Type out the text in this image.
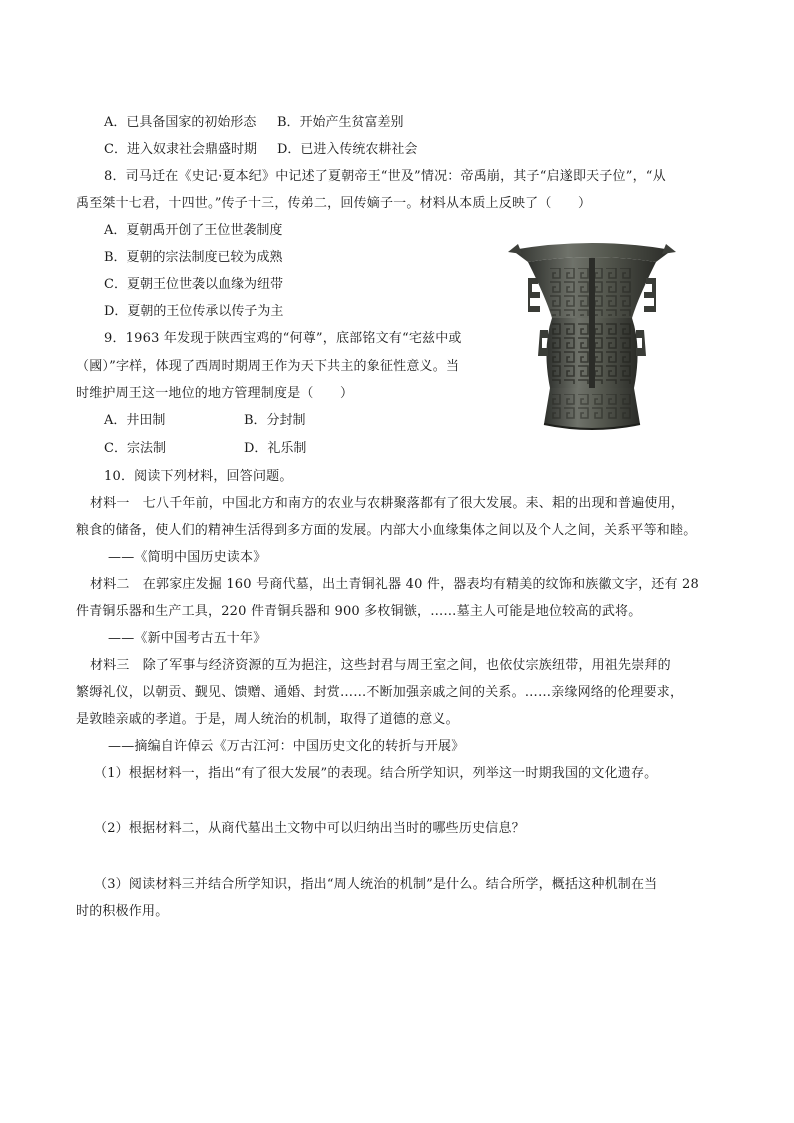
A．已具备国家的初始形态 B．开始产生贫富差别
C．进入奴隶社会鼎盛时期 D．已进入传统农耕社会
8．司马迁在《史记·夏本纪》中记述了夏朝帝王“世及”情况：帝禹崩，其子“启遂即天子位”，“从
禹至桀十七君，十四世。”传子十三，传弟二，回传嫡子一。材料从本质上反映了（　　）
A．夏朝禹开创了王位世袭制度
B．夏朝的宗法制度已较为成熟
C．夏朝王位世袭以血缘为纽带
D．夏朝的王位传承以传子为主
9．1963 年发现于陕西宝鸡的“何尊”，底部铭文有“宅兹中或
（國）”字样，体现了西周时期周王作为天下共主的象征性意义。当
时维护周王这一地位的地方管理制度是（　　）
A．井田制	B．分封制
C．宗法制	D．礼乐制
10．阅读下列材料，回答问题。
材料一　七八千年前，中国北方和南方的农业与农耕聚落都有了很大发展。耒、耜的出现和普遍使用，
粮食的储备，使人们的精神生活得到多方面的发展。内部大小血缘集体之间以及个人之间，关系平等和睦。
——《简明中国历史读本》
材料二　在郭家庄发掘 160 号商代墓，出土青铜礼器 40 件，器表均有精美的纹饰和族徽文字，还有 28
件青铜乐器和生产工具，220 件青铜兵器和 900 多枚铜镞，……墓主人可能是地位较高的武将。
——《新中国考古五十年》
材料三　除了军事与经济资源的互为挹注，这些封君与周王室之间，也依仗宗族纽带，用祖先崇拜的
繁缛礼仪，以朝贡、觐见、馈赠、通婚、封赏……不断加强亲戚之间的关系。……亲缘网络的伦理要求，
是敦睦亲戚的孝道。于是，周人统治的机制，取得了道德的意义。
——摘编自许倬云《万古江河：中国历史文化的转折与开展》
（1）根据材料一，指出“有了很大发展”的表现。结合所学知识，列举这一时期我国的文化遗存。
（2）根据材料二，从商代墓出土文物中可以归纳出当时的哪些历史信息？
（3）阅读材料三并结合所学知识，指出“周人统治的机制”是什么。结合所学，概括这种机制在当
时的积极作用。
